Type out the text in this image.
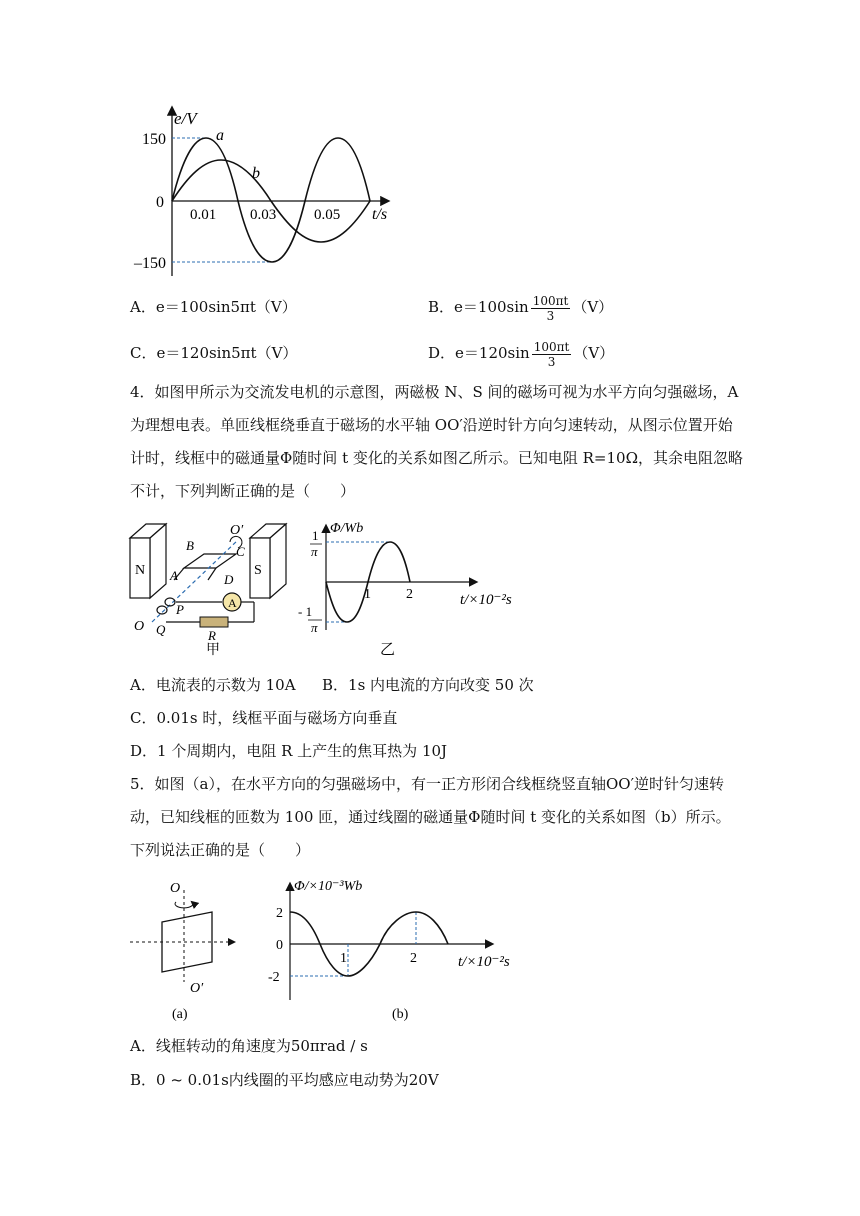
e/V
150
0
–150
0.01 0.03	0.05 t/s
a
b
A．e＝100sin5πt（V）	B．$e=100\sin \frac{100\pi t}{3} (V)$
C．e＝120sin5πt（V）	D．$e=120\sin \frac{100\pi t}{3} (V)$
4．如图甲所示为交流发电机的示意图，两磁极 N、S 间的磁场可视为水平方向匀强磁场，A
为理想电表。单匝线框绕垂直于磁场的水平轴 OO′沿逆时针方向匀速转动，从图示位置开始
计时，线框中的磁通量Φ随时间 t 变化的关系如图乙所示。已知电阻 R=10Ω，其余电阻忽略
不计，下列判断正确的是（　　）
A
O′
B	C
N	S
A	D
P
O Q	R
甲
Φ/Wb
1
π
- 1
π
1	2	t/×10⁻²s
乙
A．电流表的示数为 10A B．1s 内电流的方向改变 50 次
C．0.01s 时，线框平面与磁场方向垂直
D．1 个周期内，电阻 R 上产生的焦耳热为 10J
5．如图（a），在水平方向的匀强磁场中，有一正方形闭合线框绕竖直轴OO′逆时针匀速转
动，已知线框的匝数为 100 匝，通过线圈的磁通量Φ随时间 t 变化的关系如图（b）所示。
下列说法正确的是（　　）
O
O′
(a)
Φ/×10⁻³Wb
2
0
-2
1	2	t/×10⁻²s
(b)
A．线框转动的角速度为50πrad / s
B．0 ~ 0.01s内线圈的平均感应电动势为20V
